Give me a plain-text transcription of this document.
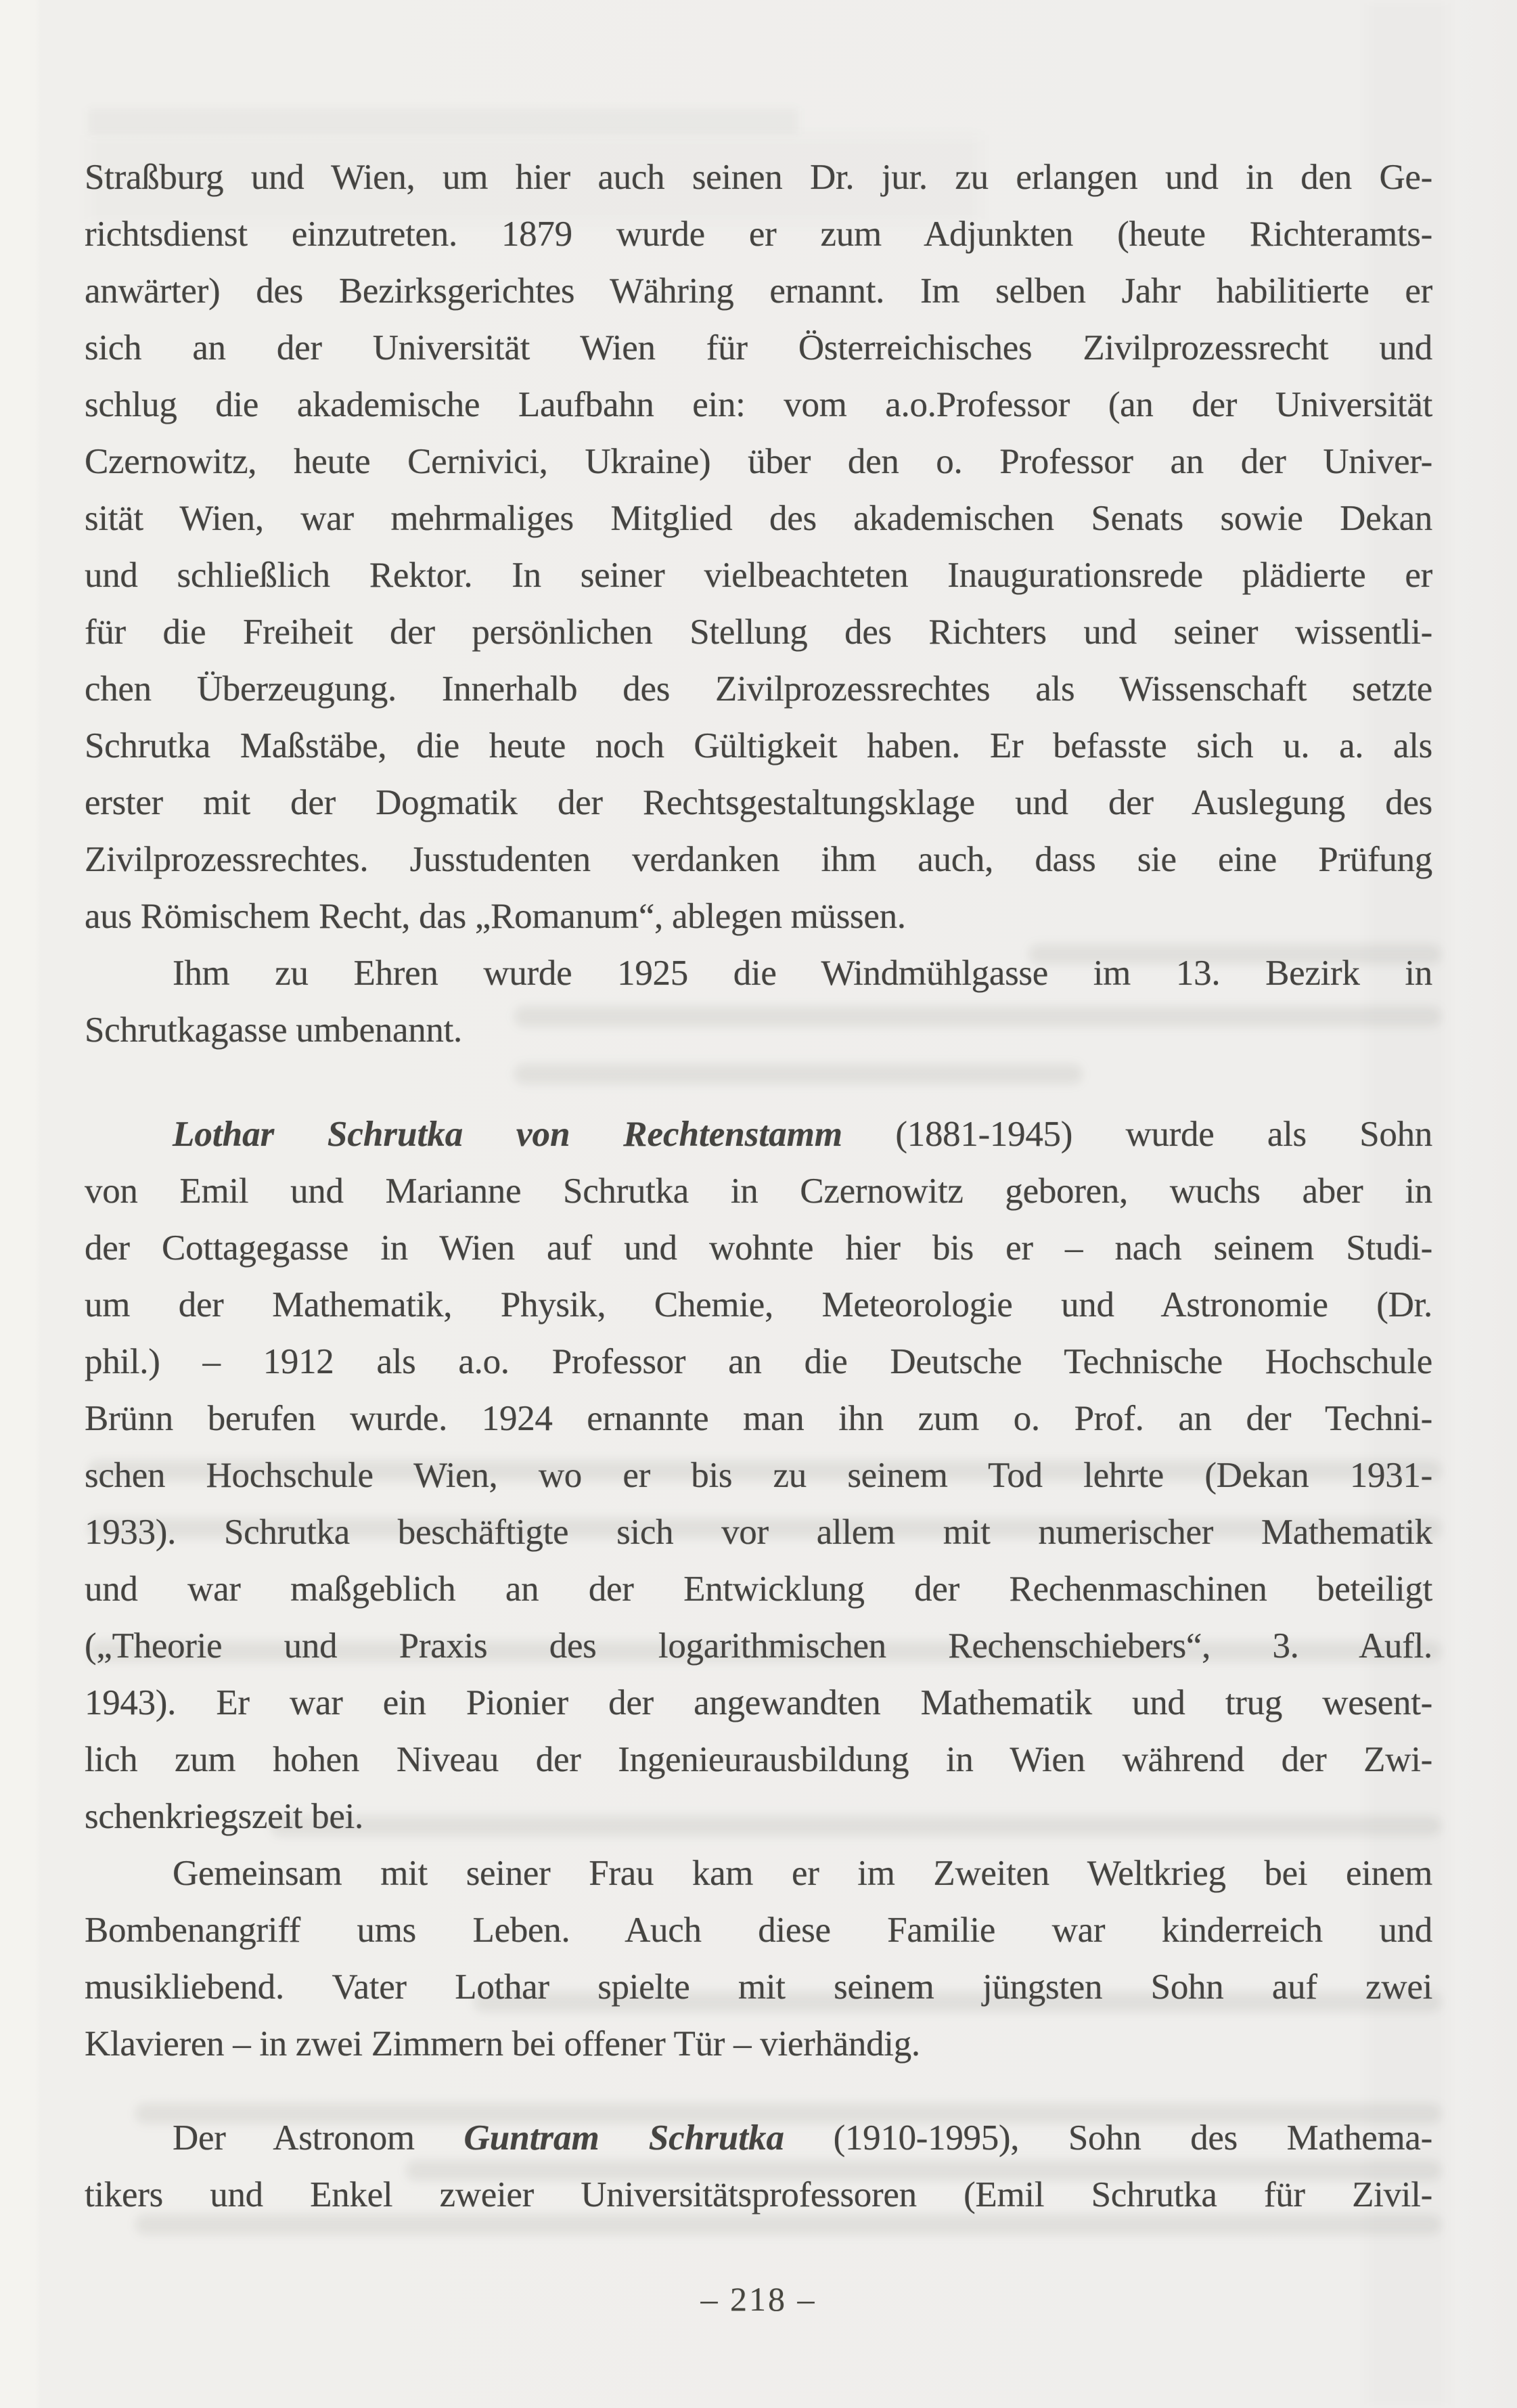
Straßburg und Wien, um hier auch seinen Dr. jur. zu erlangen und in den Ge-
richtsdienst einzutreten. 1879 wurde er zum Adjunkten (heute Richteramts-
anwärter) des Bezirksgerichtes Währing ernannt. Im selben Jahr habilitierte er
sich an der Universität Wien für Österreichisches Zivilprozessrecht und
schlug die akademische Laufbahn ein: vom a.o.Professor (an der Universität
Czernowitz, heute Cernivici, Ukraine) über den o. Professor an der Univer-
sität Wien, war mehrmaliges Mitglied des akademischen Senats sowie Dekan
und schließlich Rektor. In seiner vielbeachteten Inaugurationsrede plädierte er
für die Freiheit der persönlichen Stellung des Richters und seiner wissentli-
chen Überzeugung. Innerhalb des Zivilprozessrechtes als Wissenschaft setzte
Schrutka Maßstäbe, die heute noch Gültigkeit haben. Er befasste sich u. a. als
erster mit der Dogmatik der Rechtsgestaltungsklage und der Auslegung des
Zivilprozessrechtes. Jusstudenten verdanken ihm auch, dass sie eine Prüfung
aus Römischem Recht, das „Romanum“, ablegen müssen.
Ihm zu Ehren wurde 1925 die Windmühlgasse im 13. Bezirk in
Schrutkagasse umbenannt.
Lothar Schrutka von Rechtenstamm (1881-1945) wurde als Sohn
von Emil und Marianne Schrutka in Czernowitz geboren, wuchs aber in
der Cottagegasse in Wien auf und wohnte hier bis er – nach seinem Studi-
um der Mathematik, Physik, Chemie, Meteorologie und Astronomie (Dr.
phil.) – 1912 als a.o. Professor an die Deutsche Technische Hochschule
Brünn berufen wurde. 1924 ernannte man ihn zum o. Prof. an der Techni-
schen Hochschule Wien, wo er bis zu seinem Tod lehrte (Dekan 1931-
1933). Schrutka beschäftigte sich vor allem mit numerischer Mathematik
und war maßgeblich an der Entwicklung der Rechenmaschinen beteiligt
(„Theorie und Praxis des logarithmischen Rechenschiebers“, 3. Aufl.
1943). Er war ein Pionier der angewandten Mathematik und trug wesent-
lich zum hohen Niveau der Ingenieurausbildung in Wien während der Zwi-
schenkriegszeit bei.
Gemeinsam mit seiner Frau kam er im Zweiten Weltkrieg bei einem
Bombenangriff ums Leben. Auch diese Familie war kinderreich und
musikliebend. Vater Lothar spielte mit seinem jüngsten Sohn auf zwei
Klavieren – in zwei Zimmern bei offener Tür – vierhändig.
Der Astronom Guntram Schrutka (1910-1995), Sohn des Mathema-
tikers und Enkel zweier Universitätsprofessoren (Emil Schrutka für Zivil-
– 218 –
